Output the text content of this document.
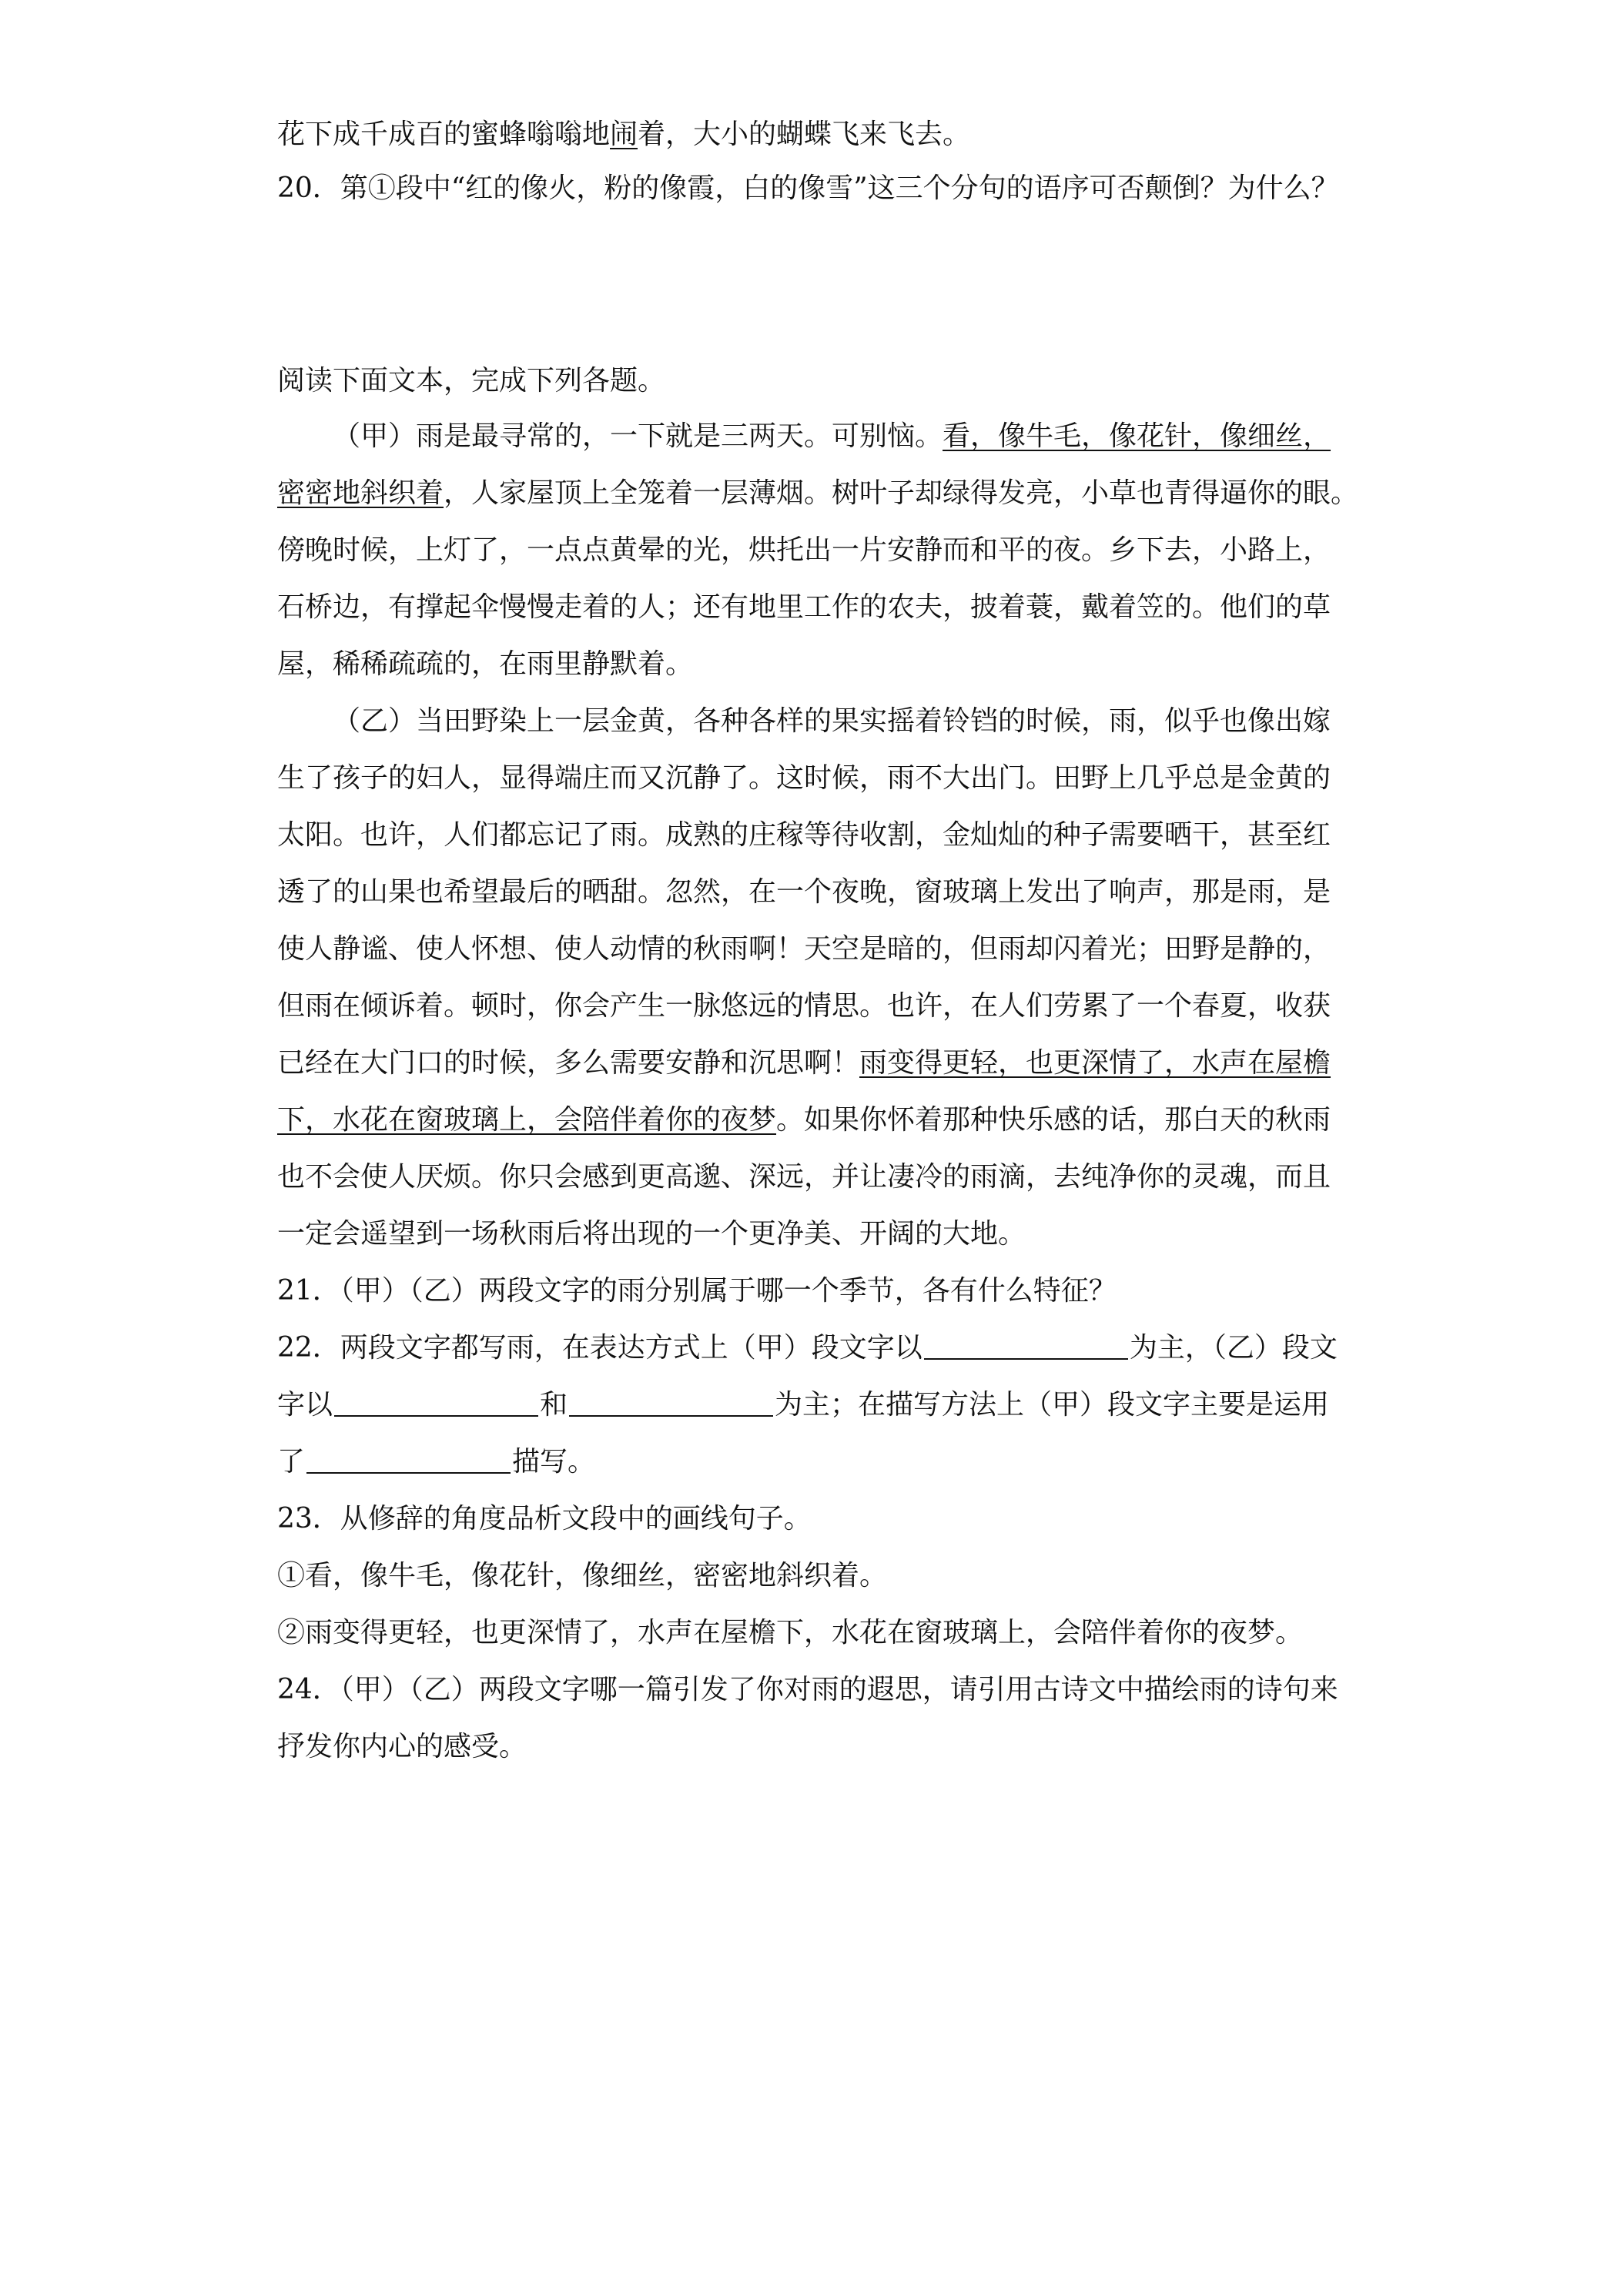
花下成千成百的蜜蜂嗡嗡地闹着，大小的蝴蝶飞来飞去。
20．第①段中“红的像火，粉的像霞，白的像雪”这三个分句的语序可否颠倒？为什么？
阅读下面文本，完成下列各题。
（甲）雨是最寻常的，一下就是三两天。可别恼。看，像牛毛，像花针，像细丝，
密密地斜织着，人家屋顶上全笼着一层薄烟。树叶子却绿得发亮，小草也青得逼你的眼。
傍晚时候，上灯了，一点点黄晕的光，烘托出一片安静而和平的夜。乡下去，小路上，
石桥边，有撑起伞慢慢走着的人；还有地里工作的农夫，披着蓑，戴着笠的。他们的草
屋，稀稀疏疏的，在雨里静默着。
（乙）当田野染上一层金黄，各种各样的果实摇着铃铛的时候，雨，似乎也像出嫁
生了孩子的妇人，显得端庄而又沉静了。这时候，雨不大出门。田野上几乎总是金黄的
太阳。也许，人们都忘记了雨。成熟的庄稼等待收割，金灿灿的种子需要晒干，甚至红
透了的山果也希望最后的晒甜。忽然，在一个夜晚，窗玻璃上发出了响声，那是雨，是
使人静谧、使人怀想、使人动情的秋雨啊！天空是暗的，但雨却闪着光；田野是静的，
但雨在倾诉着。顿时，你会产生一脉悠远的情思。也许，在人们劳累了一个春夏，收获
已经在大门口的时候，多么需要安静和沉思啊！雨变得更轻，也更深情了，水声在屋檐
下，水花在窗玻璃上，会陪伴着你的夜梦。如果你怀着那种快乐感的话，那白天的秋雨
也不会使人厌烦。你只会感到更高邈、深远，并让凄冷的雨滴，去纯净你的灵魂，而且
一定会遥望到一场秋雨后将出现的一个更净美、开阔的大地。
21．（甲）（乙）两段文字的雨分别属于哪一个季节，各有什么特征？
22．两段文字都写雨，在表达方式上（甲）段文字以	为主，（乙）段文
字以	和	为主；在描写方法上（甲）段文字主要是运用
了	描写。
23．从修辞的角度品析文段中的画线句子。
①看，像牛毛，像花针，像细丝，密密地斜织着。
②雨变得更轻，也更深情了，水声在屋檐下，水花在窗玻璃上，会陪伴着你的夜梦。
24．（甲）（乙）两段文字哪一篇引发了你对雨的遐思，请引用古诗文中描绘雨的诗句来
抒发你内心的感受。
